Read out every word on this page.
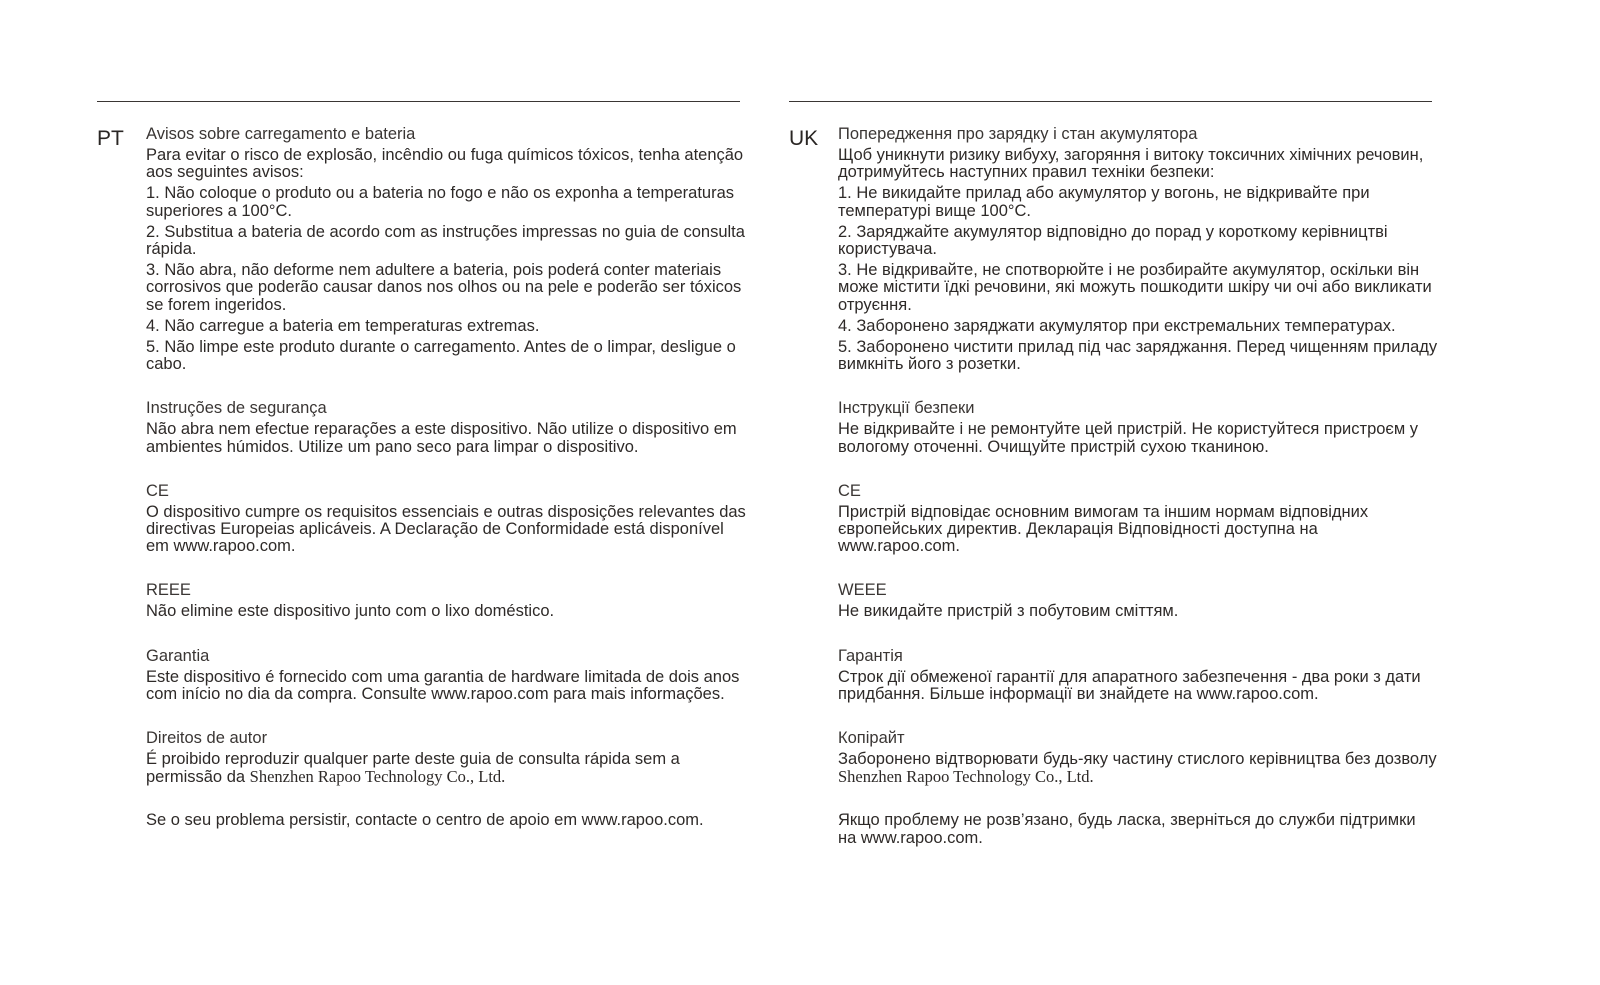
PT Avisos sobre carregamento e bateria
Para evitar o risco de explosão, incêndio ou fuga químicos tóxicos, tenha atenção aos seguintes avisos:
1. Não coloque o produto ou a bateria no fogo e não os exponha a temperaturas superiores a 100°C.
2. Substitua a bateria de acordo com as instruções impressas no guia de consulta rápida.
3. Não abra, não deforme nem adultere a bateria, pois poderá conter materiais corrosivos que poderão causar danos nos olhos ou na pele e poderão ser tóxicos se forem ingeridos.
4. Não carregue a bateria em temperaturas extremas.
5. Não limpe este produto durante o carregamento. Antes de o limpar, desligue o cabo.
Instruções de segurança
Não abra nem efectue reparações a este dispositivo. Não utilize o dispositivo em ambientes húmidos. Utilize um pano seco para limpar o dispositivo.
CE
O dispositivo cumpre os requisitos essenciais e outras disposições relevantes das directivas Europeias aplicáveis. A Declaração de Conformidade está disponível em www.rapoo.com.
REEE
Não elimine este dispositivo junto com o lixo doméstico.
Garantia
Este dispositivo é fornecido com uma garantia de hardware limitada de dois anos com início no dia da compra. Consulte www.rapoo.com para mais informações.
Direitos de autor
É proibido reproduzir qualquer parte deste guia de consulta rápida sem a permissão da Shenzhen Rapoo Technology Co., Ltd.
Se o seu problema persistir, contacte o centro de apoio em www.rapoo.com.
UK Попередження про зарядку і стан акумулятора
Щоб уникнути ризику вибуху, загоряння і витоку токсичних хімічних речовин, дотримуйтесь наступних правил техніки безпеки:
1. Не викидайте прилад або акумулятор у вогонь, не відкривайте при температурі вище 100°C.
2. Заряджайте акумулятор відповідно до порад у короткому керівництві користувача.
3. Не відкривайте, не спотворюйте і не розбирайте акумулятор, оскільки він може містити їдкі речовини, які можуть пошкодити шкіру чи очі або викликати отруєння.
4. Заборонено заряджати акумулятор при екстремальних температурах.
5. Заборонено чистити прилад під час заряджання. Перед чищенням приладу вимкніть його з розетки.
Інструкції безпеки
Не відкривайте і не ремонтуйте цей пристрій. Не користуйтеся пристроєм у вологому оточенні. Очищуйте пристрій сухою тканиною.
CE
Пристрій відповідає основним вимогам та іншим нормам відповідних європейських директив. Декларація Відповідності доступна на www.rapoo.com.
WEEE
Не викидайте пристрій з побутовим сміттям.
Гарантія
Строк дії обмеженої гарантії для апаратного забезпечення - два роки з дати придбання. Більше інформації ви знайдете на www.rapoo.com.
Копірайт
Заборонено відтворювати будь-яку частину стислого керівництва без дозволу Shenzhen Rapoo Technology Co., Ltd.
Якщо проблему не розв’язано, будь ласка, зверніться до служби підтримки на www.rapoo.com.
